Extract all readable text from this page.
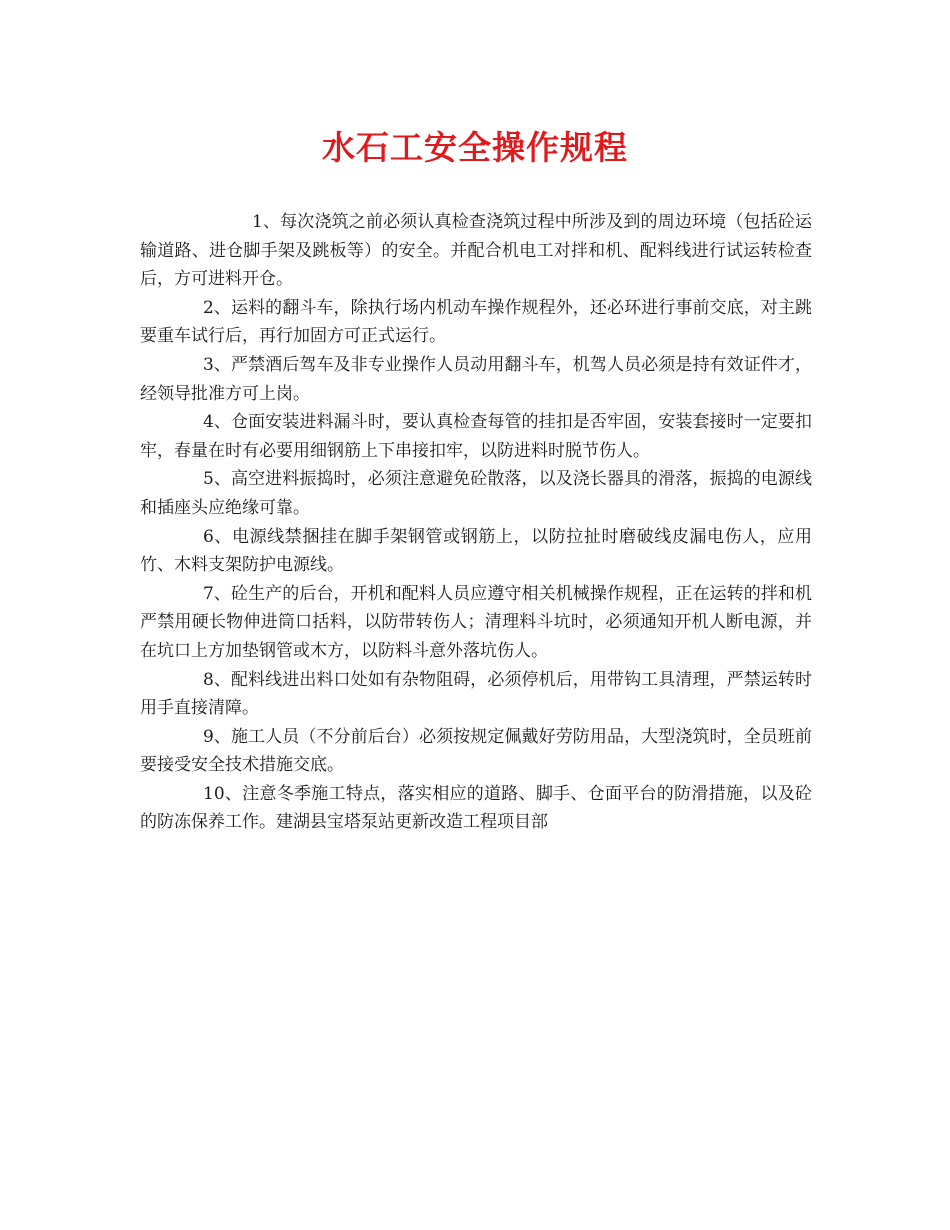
水石工安全操作规程

1、每次浇筑之前必须认真检查浇筑过程中所涉及到的周边环境（包括砼运输道路、进仓脚手架及跳板等）的安全。并配合机电工对拌和机、配料线进行试运转检查后，方可进料开仓。

2、运料的翻斗车，除执行场内机动车操作规程外，还必环进行事前交底，对主跳要重车试行后，再行加固方可正式运行。

3、严禁酒后驾车及非专业操作人员动用翻斗车，机驾人员必须是持有效证件才，经领导批准方可上岗。

4、仓面安装进料漏斗时，要认真检查每管的挂扣是否牢固，安装套接时一定要扣牢，春量在时有必要用细钢筋上下串接扣牢，以防进料时脱节伤人。

5、高空进料振捣时，必须注意避免砼散落，以及浇长器具的滑落，振捣的电源线和插座头应绝缘可靠。

6、电源线禁捆挂在脚手架钢管或钢筋上，以防拉扯时磨破线皮漏电伤人，应用竹、木料支架防护电源线。

7、砼生产的后台，开机和配料人员应遵守相关机械操作规程，正在运转的拌和机严禁用硬长物伸进筒口括料，以防带转伤人；清理料斗坑时，必须通知开机人断电源，并在坑口上方加垫钢管或木方，以防料斗意外落坑伤人。

8、配料线进出料口处如有杂物阻碍，必须停机后，用带钩工具清理，严禁运转时用手直接清障。

9、施工人员（不分前后台）必须按规定佩戴好劳防用品，大型浇筑时，全员班前要接受安全技术措施交底。

10、注意冬季施工特点，落实相应的道路、脚手、仓面平台的防滑措施，以及砼的防冻保养工作。建湖县宝塔泵站更新改造工程项目部
